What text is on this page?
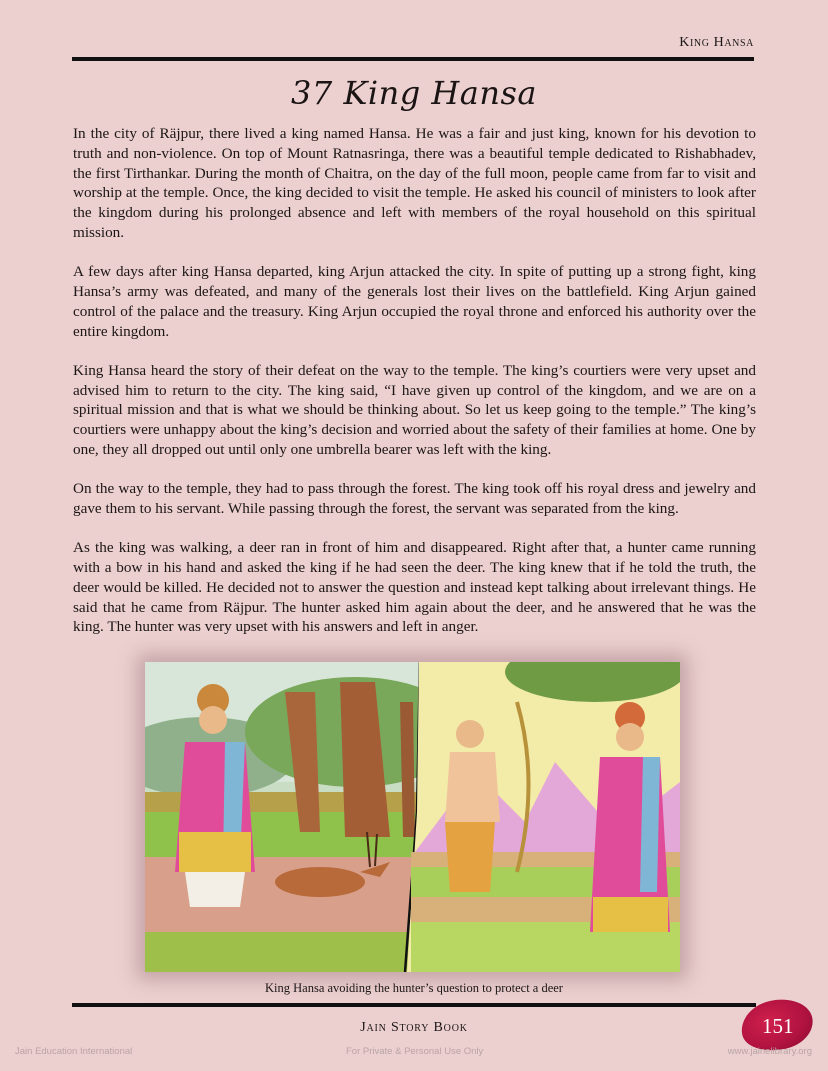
King Hansa
37 King Hansa

In the city of Räjpur, there lived a king named Hansa. He was a fair and just king, known for his devotion to truth and non-violence. On top of Mount Ratnasringa, there was a beautiful temple dedicated to Rishabhadev, the first Tirthankar. During the month of Chaitra, on the day of the full moon, people came from far to visit and worship at the temple. Once, the king decided to visit the temple. He asked his council of ministers to look after the kingdom during his prolonged absence and left with members of the royal household on this spiritual mission.

A few days after king Hansa departed, king Arjun attacked the city. In spite of putting up a strong fight, king Hansa’s army was defeated, and many of the generals lost their lives on the battlefield. King Arjun gained control of the palace and the treasury. King Arjun occupied the royal throne and enforced his authority over the entire kingdom.

King Hansa heard the story of their defeat on the way to the temple. The king’s courtiers were very upset and advised him to return to the city. The king said, “I have given up control of the kingdom, and we are on a spiritual mission and that is what we should be thinking about. So let us keep going to the temple.” The king’s courtiers were unhappy about the king’s decision and worried about the safety of their families at home. One by one, they all dropped out until only one umbrella bearer was left with the king.

On the way to the temple, they had to pass through the forest. The king took off his royal dress and jewelry and gave them to his servant. While passing through the forest, the servant was separated from the king.

As the king was walking, a deer ran in front of him and disappeared. Right after that, a hunter came running with a bow in his hand and asked the king if he had seen the deer. The king knew that if he told the truth, the deer would be killed. He decided not to answer the question and instead kept talking about irrelevant things. He said that he came from Räjpur. The hunter asked him again about the deer, and he answered that he was the king. The hunter was very upset with his answers and left in anger.

King Hansa avoiding the hunter’s question to protect a deer
Jain Story Book	151
Jain Education International	For Private & Personal Use Only	www.jainelibrary.org
